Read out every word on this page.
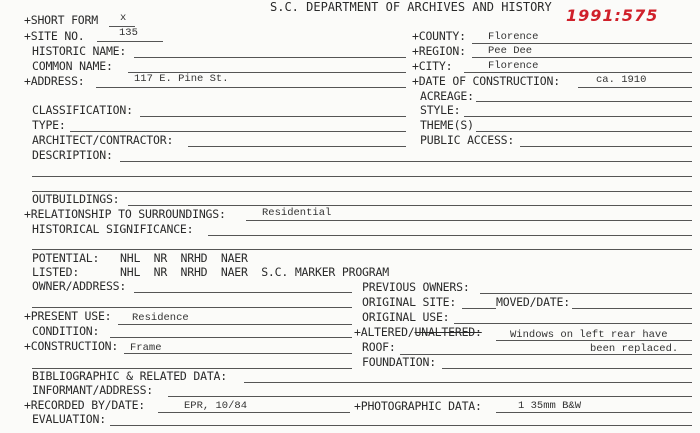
S.C. DEPARTMENT OF ARCHIVES AND HISTORY 1991:575
+SHORT FORM x
+SITE NO.	135	+COUNTY: Florence
HISTORIC NAME:	+REGION: Pee Dee
COMMON NAME:	+CITY:	Florence
+ADDRESS:	117 E. Pine St.	+DATE OF CONSTRUCTION:	ca. 1910
ACREAGE:
CLASSIFICATION:	STYLE:
TYPE:	THEME(S)
ARCHITECT/CONTRACTOR:	PUBLIC ACCESS:
DESCRIPTION:
OUTBUILDINGS:
+RELATIONSHIP TO SURROUNDINGS:	Residential
HISTORICAL SIGNIFICANCE:
POTENTIAL: NHL  NR  NRHD  NAER
LISTED:	NHL  NR  NRHD  NAER  S.C. MARKER PROGRAM
OWNER/ADDRESS:	PREVIOUS OWNERS:
ORIGINAL SITE:	MOVED/DATE:
+PRESENT USE: Residence	ORIGINAL USE:
CONDITION:	+ALTERED/UNALTERED:	Windows on left rear have
+CONSTRUCTION: Frame	ROOF:	been replaced.
FOUNDATION:
BIBLIOGRAPHIC & RELATED DATA:
INFORMANT/ADDRESS:
+RECORDED BY/DATE:	EPR, 10/84	+PHOTOGRAPHIC DATA:	1 35mm B&W
EVALUATION:
